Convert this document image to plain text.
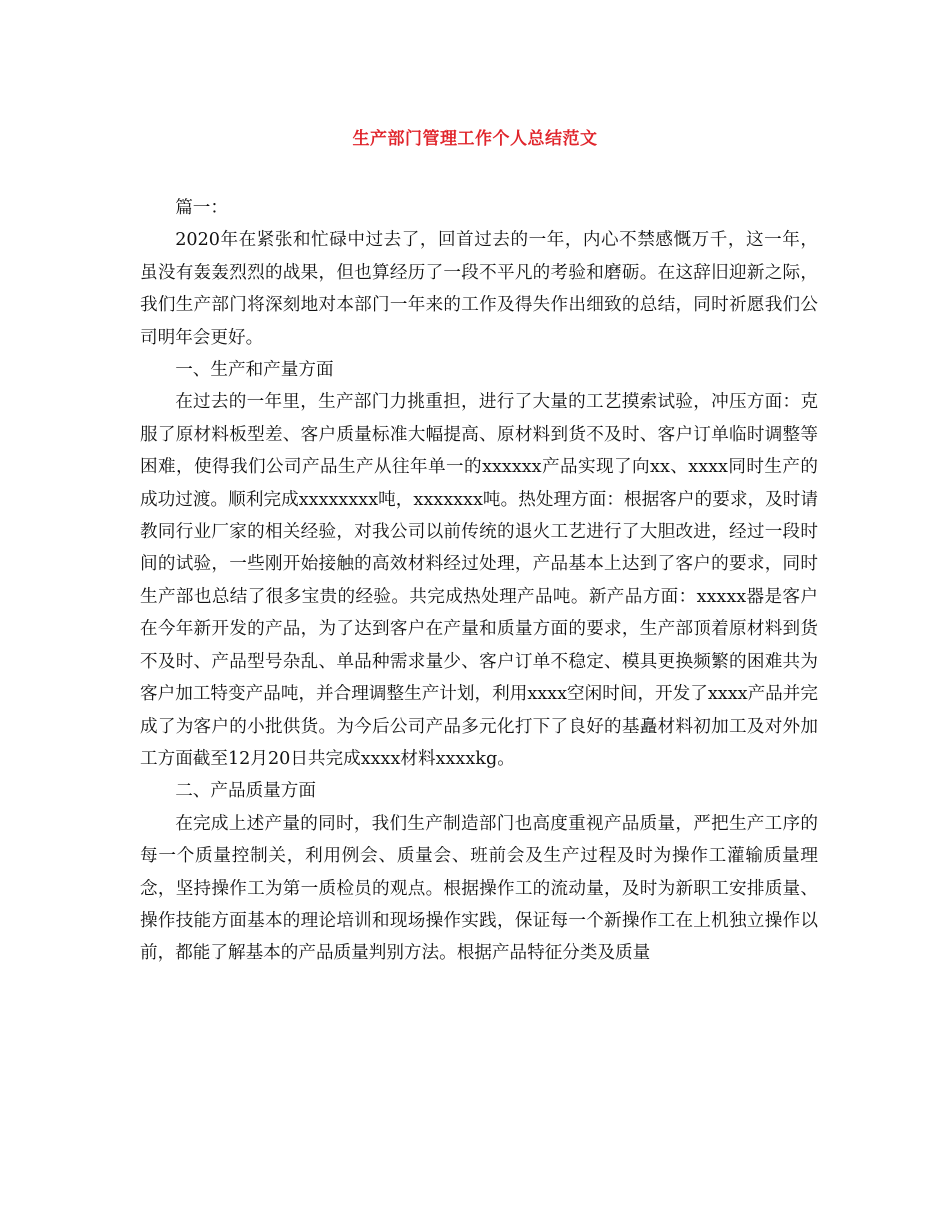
生产部门管理工作个人总结范文

篇一：

2020年在紧张和忙碌中过去了，回首过去的一年，内心不禁感慨万千，这一年，虽没有轰轰烈烈的战果，但也算经历了一段不平凡的考验和磨砺。在这辞旧迎新之际，我们生产部门将深刻地对本部门一年来的工作及得失作出细致的总结，同时祈愿我们公司明年会更好。

一、生产和产量方面

在过去的一年里，生产部门力挑重担，进行了大量的工艺摸索试验，冲压方面：克服了原材料板型差、客户质量标准大幅提高、原材料到货不及时、客户订单临时调整等困难，使得我们公司产品生产从往年单一的xxxxxx产品实现了向xx、xxxx同时生产的成功过渡。顺利完成xxxxxxxx吨，xxxxxxx吨。热处理方面：根据客户的要求，及时请教同行业厂家的相关经验，对我公司以前传统的退火工艺进行了大胆改进，经过一段时间的试验，一些刚开始接触的高效材料经过处理，产品基本上达到了客户的要求，同时生产部也总结了很多宝贵的经验。共完成热处理产品吨。新产品方面：xxxxx器是客户在今年新开发的产品，为了达到客户在产量和质量方面的要求，生产部顶着原材料到货不及时、产品型号杂乱、单品种需求量少、客户订单不稳定、模具更换频繁的困难共为客户加工特变产品吨，并合理调整生产计划，利用xxxx空闲时间，开发了xxxx产品并完成了为客户的小批供货。为今后公司产品多元化打下了良好的基矗材料初加工及对外加工方面截至12月20日共完成xxxx材料xxxxkg。

二、产品质量方面

在完成上述产量的同时，我们生产制造部门也高度重视产品质量，严把生产工序的每一个质量控制关，利用例会、质量会、班前会及生产过程及时为操作工灌输质量理念，坚持操作工为第一质检员的观点。根据操作工的流动量，及时为新职工安排质量、操作技能方面基本的理论培训和现场操作实践，保证每一个新操作工在上机独立操作以前，都能了解基本的产品质量判别方法。根据产品特征分类及质量
